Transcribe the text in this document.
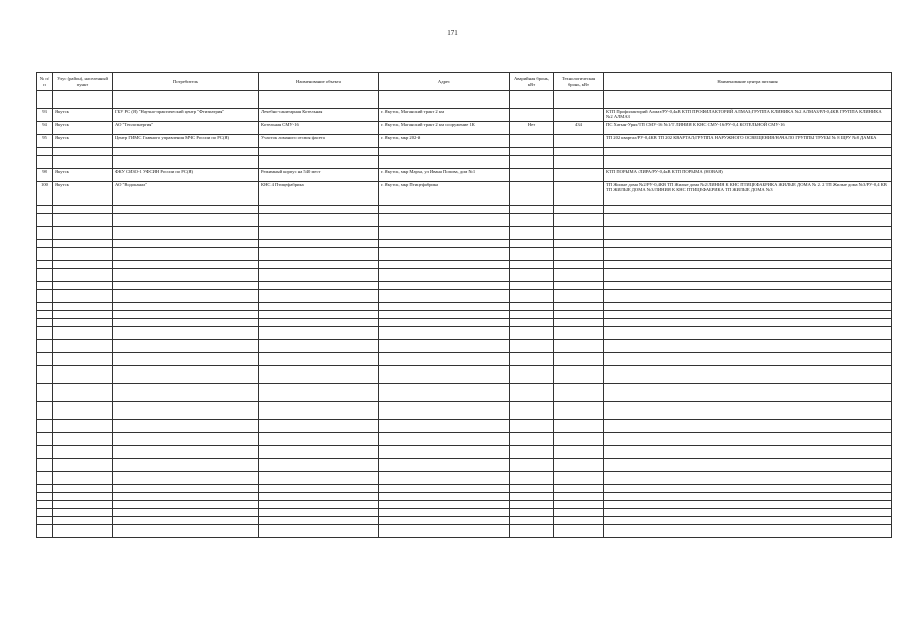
171
№ п/п	Улус (район), населенный пункт	Потребитель	Наименование объекта	Адрес	Аварийная бронь, кВт	Технологическая бронь, кВт	Наименование центра питания

93	Якутск	ГБУ РС (Я) "Научно-практический центр "Фтизиатрия"	Лечебно-санитарная Котельная	г. Якутск, Маганский тракт 2 км			КТП Профилакторий Алмаз/РУ-0,4кВ КТП ПРОФИЛАКТОРИЙ АЛМАЗ;ГРУППА КЛИНИКА №2 АЛМАЗ/РЛ-0,4КВ ГРУППА КЛИНИКА №2 АЛМАЗ
94	Якутск	АО "Теплоэнергия"	Котельная СМУ-16	г. Якутск, Маганский тракт 2 км сооружение 1К	Нет	434	ПС Хатын-Урях/ТП СМУ-16 №1/Т ЛИНИЯ К КНС СМУ-16/РУ-0,4 КОТЕЛЬНОЙ СМУ-16
95	Якутск	Центр ГИМС Главного управления МЧС России по РС(Я)	Участок ломаного отсвоя фасета	г. Якутск, мкр 202-й			ТП 202 квартал/РУ-0,4КВ ТП 202 КВАРТАЛ;ГРУППА НАРУЖНОГО ОСВЕЩЕНИЯ/НАЧАЛО ГРУППЫ ТРУБЫ № 8 ЩРУ №8 ДАМБА

98	Якутск	ФКУ СИЗО-1 УФСИН России по РС(Я)	Режимный корпус на 540 мест	г. Якутск, мкр Марха, ул Ивана Попова, дом №1			КТП ПОРЫМА /ЛИРА/РУ-0,4кВ КТП ПОРЫМА (НОВАЯ)
100	Якутск	АО "Водоканал"	КНС 4 Птицефабрика	г. Якутск, мкр Птицефабрика			ТП Жилые дома №2/РУ-0,4КВ ТП Жилые дома №2/ЛИНИЯ К КНС ПТИЦЕФАБРИКА ЖИЛЫЕ ДОМА № 2. 2 ТП Жилые дома №3/РУ-0,4 КВ ТП ЖИЛЫЕ ДОМА №3/ЛИНИЯ К КНС ПТИЦЕФАБРИКА ТП ЖИЛЫЕ ДОМА №3
